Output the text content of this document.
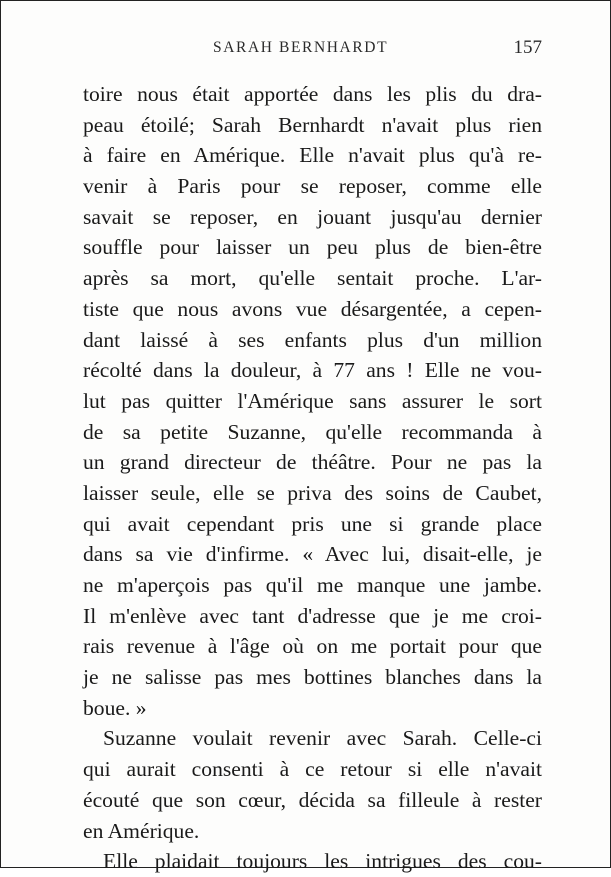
SARAH BERNHARDT	157
toire nous était apportée dans les plis du dra-
peau étoilé; Sarah Bernhardt n'avait plus rien
à faire en Amérique. Elle n'avait plus qu'à re-
venir à Paris pour se reposer, comme elle
savait se reposer, en jouant jusqu'au dernier
souffle pour laisser un peu plus de bien-être
après sa mort, qu'elle sentait proche. L'ar-
tiste que nous avons vue désargentée, a cepen-
dant laissé à ses enfants plus d'un million
récolté dans la douleur, à 77 ans ! Elle ne vou-
lut pas quitter l'Amérique sans assurer le sort
de sa petite Suzanne, qu'elle recommanda à
un grand directeur de théâtre. Pour ne pas la
laisser seule, elle se priva des soins de Caubet,
qui avait cependant pris une si grande place
dans sa vie d'infirme. « Avec lui, disait-elle, je
ne m'aperçois pas qu'il me manque une jambe.
Il m'enlève avec tant d'adresse que je me croi-
rais revenue à l'âge où on me portait pour que
je ne salisse pas mes bottines blanches dans la
boue. »
Suzanne voulait revenir avec Sarah. Celle-ci
qui aurait consenti à ce retour si elle n'avait
écouté que son cœur, décida sa filleule à rester
en Amérique.
Elle plaidait toujours les intrigues des cou-
